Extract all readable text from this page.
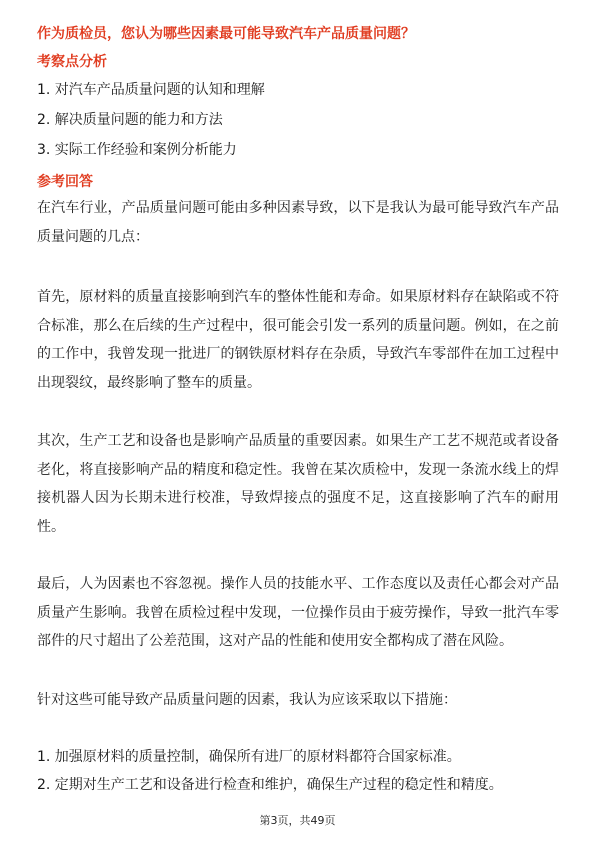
作为质检员，您认为哪些因素最可能导致汽车产品质量问题？

考察点分析

1. 对汽车产品质量问题的认知和理解

2. 解决质量问题的能力和方法

3. 实际工作经验和案例分析能力

参考回答

在汽车行业，产品质量问题可能由多种因素导致，以下是我认为最可能导致汽车产品质量问题的几点：

首先，原材料的质量直接影响到汽车的整体性能和寿命。如果原材料存在缺陷或不符合标准，那么在后续的生产过程中，很可能会引发一系列的质量问题。例如，在之前的工作中，我曾发现一批进厂的钢铁原材料存在杂质，导致汽车零部件在加工过程中出现裂纹，最终影响了整车的质量。

其次，生产工艺和设备也是影响产品质量的重要因素。如果生产工艺不规范或者设备老化，将直接影响产品的精度和稳定性。我曾在某次质检中，发现一条流水线上的焊接机器人因为长期未进行校准，导致焊接点的强度不足，这直接影响了汽车的耐用性。

最后，人为因素也不容忽视。操作人员的技能水平、工作态度以及责任心都会对产品质量产生影响。我曾在质检过程中发现，一位操作员由于疲劳操作，导致一批汽车零部件的尺寸超出了公差范围，这对产品的性能和使用安全都构成了潜在风险。

针对这些可能导致产品质量问题的因素，我认为应该采取以下措施：

1. 加强原材料的质量控制，确保所有进厂的原材料都符合国家标准。

2. 定期对生产工艺和设备进行检查和维护，确保生产过程的稳定性和精度。

第3页，共49页
